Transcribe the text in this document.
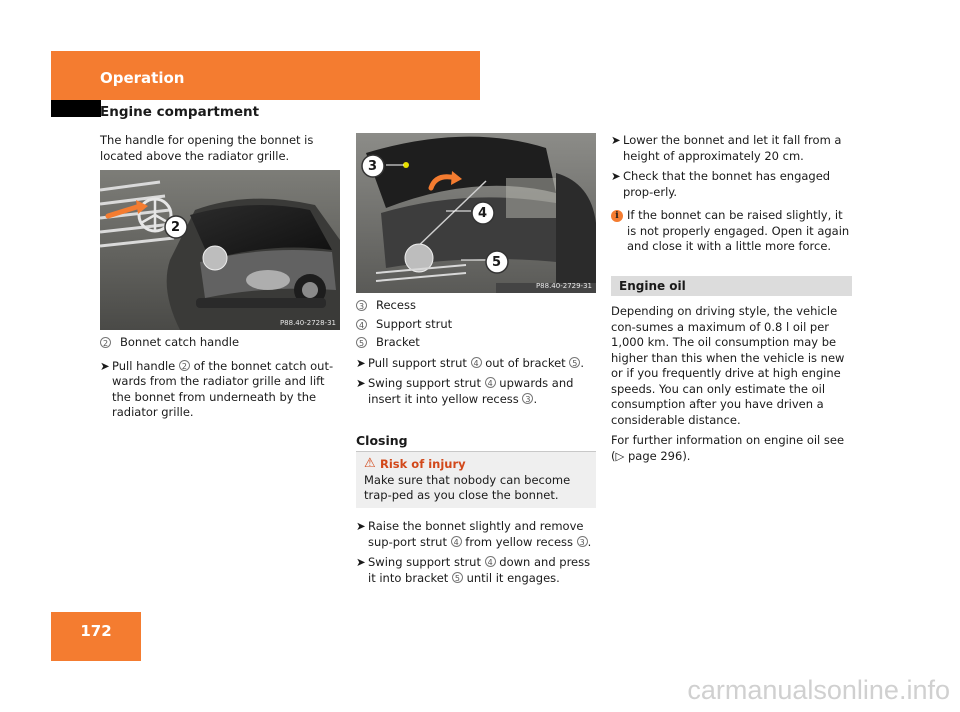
Operation
Engine compartment

The handle for opening the bonnet is located above the radiator grille.

2
P88.40-2728-31

2 Bonnet catch handle

➤ Pull handle 2 of the bonnet catch out-wards from the radiator grille and lift the bonnet from underneath by the radiator grille.

3
4
5
P88.40-2729-31

3 Recess

4 Support strut

5 Bracket

➤ Pull support strut 4 out of bracket 5 .

➤ Swing support strut 4 upwards and insert it into yellow recess 3 .

Closing
⚠ Risk of injury
Make sure that nobody can become trap-ped as you close the bonnet.

➤ Raise the bonnet slightly and remove sup-port strut 4 from yellow recess 3 .

➤ Swing support strut 4 down and press it into bracket 5 until it engages.

➤ Lower the bonnet and let it fall from a height of approximately 20 cm.

➤ Check that the bonnet has engaged prop-erly.

i If the bonnet can be raised slightly, it is not properly engaged. Open it again and close it with a little more force.

Engine oil

Depending on driving style, the vehicle con-sumes a maximum of 0.8 l oil per 1,000 km. The oil consumption may be higher than this when the vehicle is new or if you frequently drive at high engine speeds. You can only estimate the oil consumption after you have driven a considerable distance.

For further information on engine oil see
(▷ page 296).

172
carmanualsonline.info
